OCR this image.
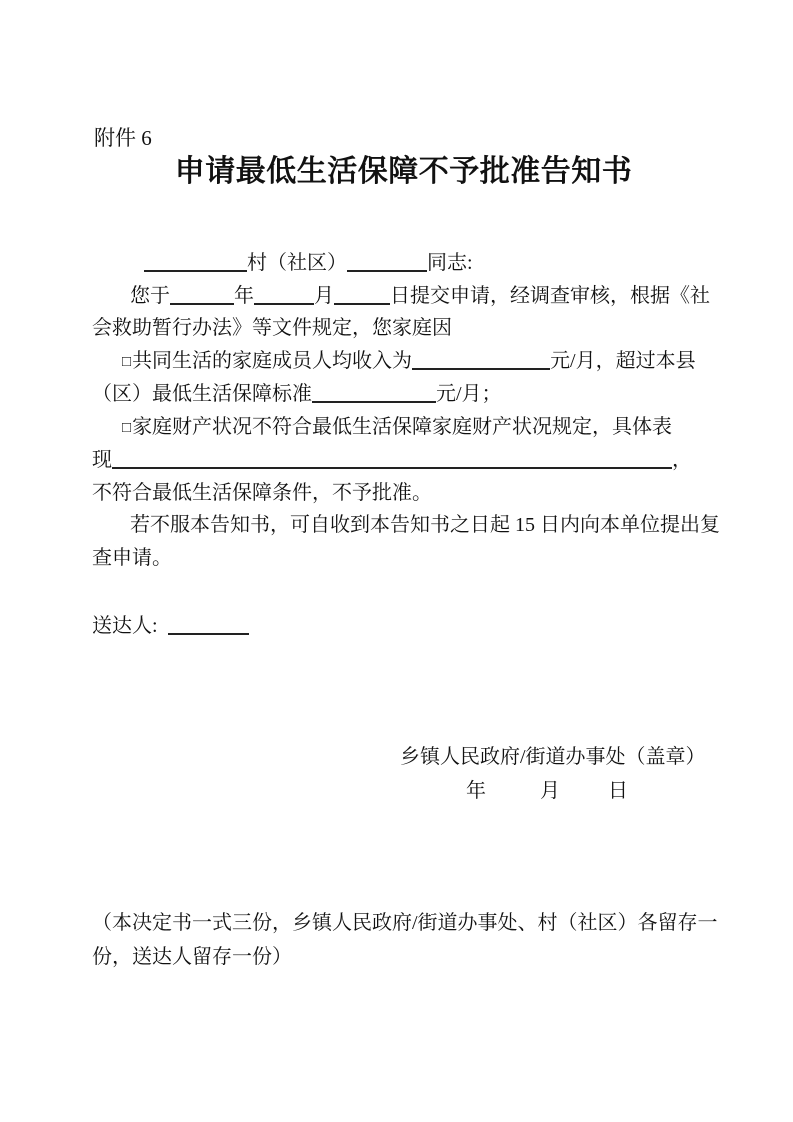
附件 6
申请最低生活保障不予批准告知书
村（社区）	同志:
您于	年	月	日提交申请，经调查审核，根据《社
会救助暂行办法》等文件规定，您家庭因
□共同生活的家庭成员人均收入为	元/月，超过本县
（区）最低生活保障标准	元/月；
□家庭财产状况不符合最低生活保障家庭财产状况规定，具体表
现	，
不符合最低生活保障条件，不予批准。
若不服本告知书，可自收到本告知书之日起 15 日内向本单位提出复
查申请。
送达人:
乡镇人民政府/街道办事处（盖章）
年	月 日
（本决定书一式三份，乡镇人民政府/街道办事处、村（社区）各留存一
份，送达人留存一份）
